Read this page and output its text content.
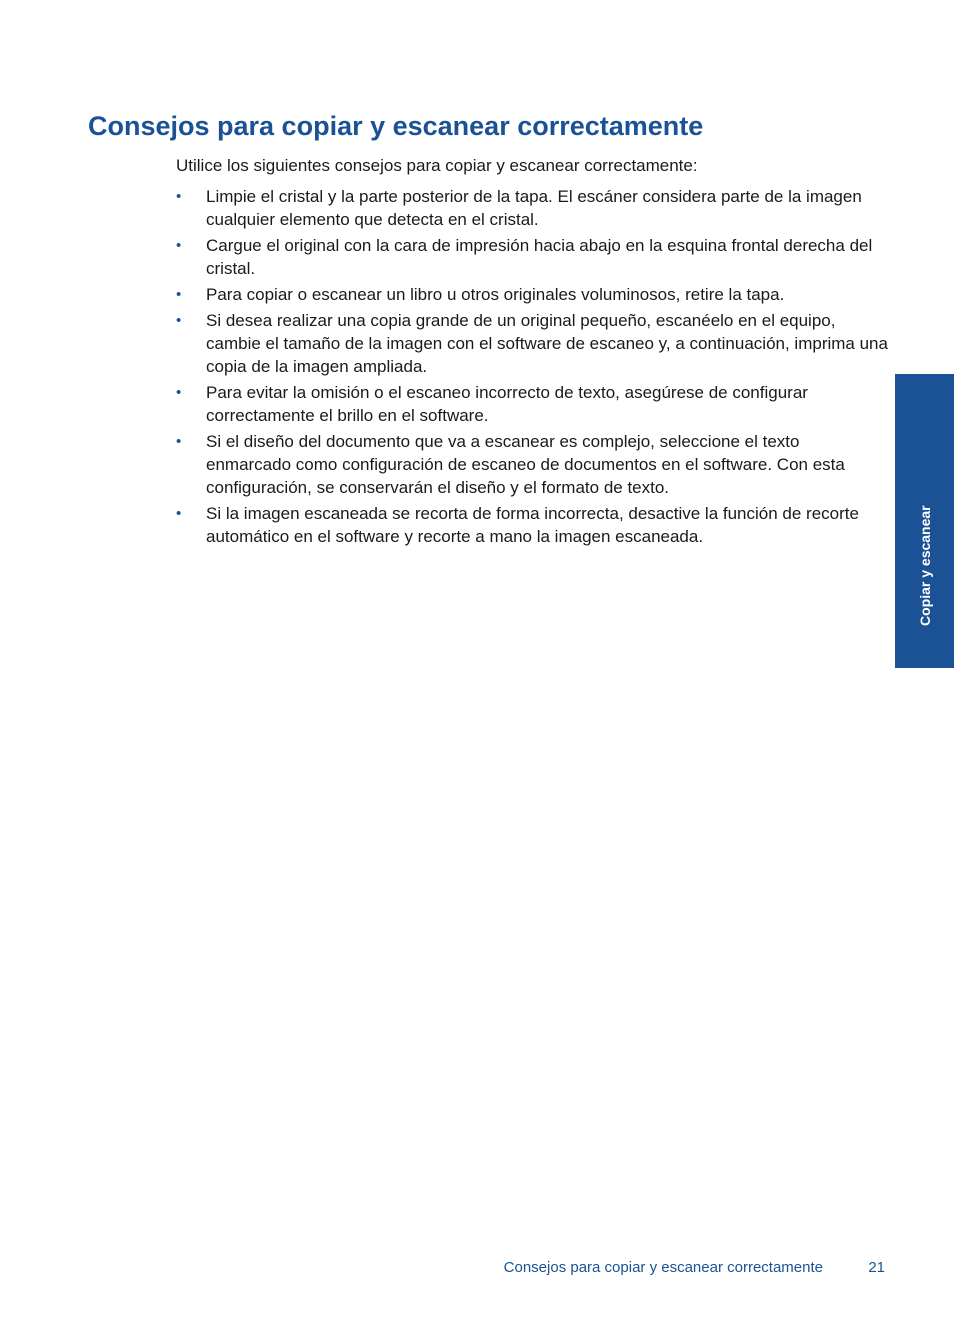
Consejos para copiar y escanear correctamente

Utilice los siguientes consejos para copiar y escanear correctamente:

• Limpie el cristal y la parte posterior de la tapa. El escáner considera parte de la imagen cualquier elemento que detecta en el cristal.
• Cargue el original con la cara de impresión hacia abajo en la esquina frontal derecha del cristal.
• Para copiar o escanear un libro u otros originales voluminosos, retire la tapa.
• Si desea realizar una copia grande de un original pequeño, escanéelo en el equipo, cambie el tamaño de la imagen con el software de escaneo y, a continuación, imprima una copia de la imagen ampliada.
• Para evitar la omisión o el escaneo incorrecto de texto, asegúrese de configurar correctamente el brillo en el software.
• Si el diseño del documento que va a escanear es complejo, seleccione el texto enmarcado como configuración de escaneo de documentos en el software. Con esta configuración, se conservarán el diseño y el formato de texto.
• Si la imagen escaneada se recorta de forma incorrecta, desactive la función de recorte automático en el software y recorte a mano la imagen escaneada.	Copiar y escanear
Consejos para copiar y escanear correctamente	21
